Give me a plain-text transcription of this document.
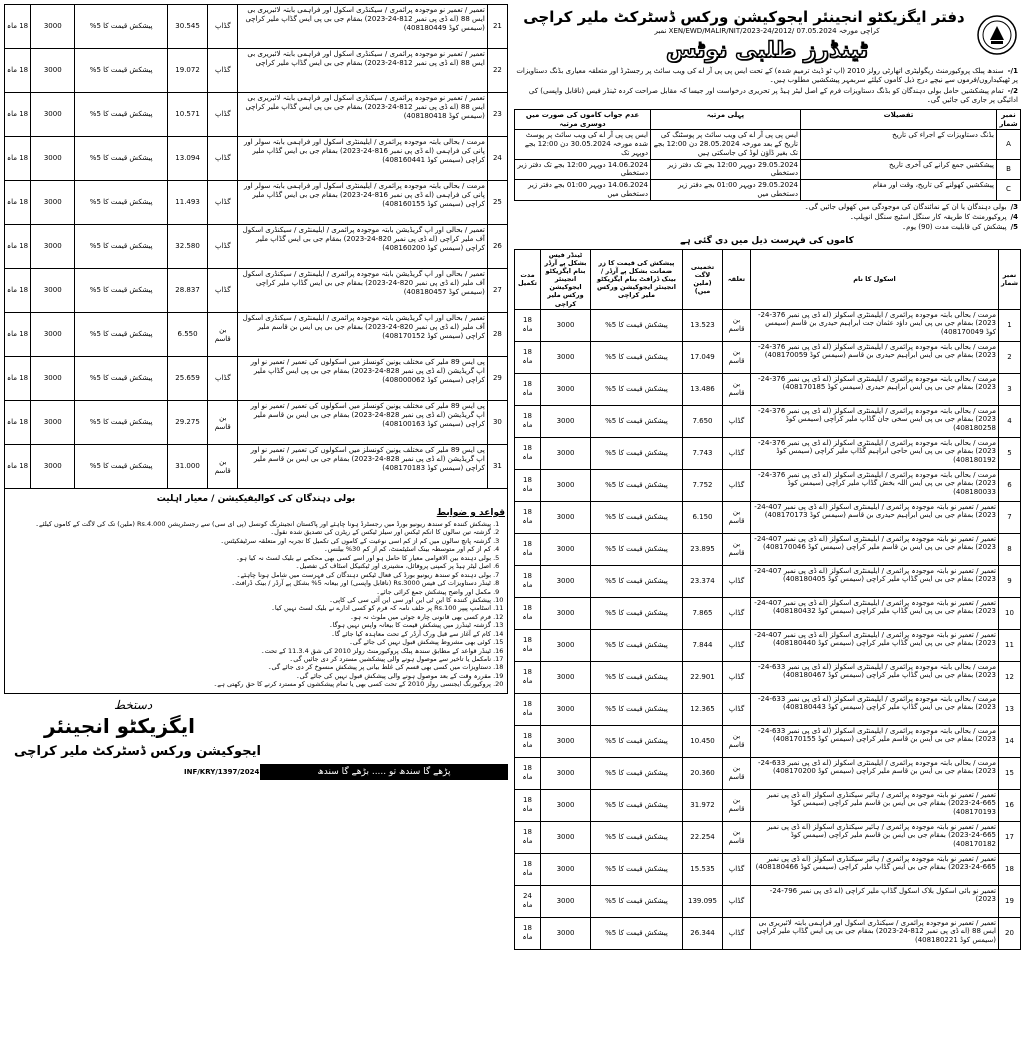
18 ماہ	3000	پیشکش قیمت کا 5%	30.545	گڈاپ	تعمیر / تعمیر نو موجودہ پرائمری / سیکنڈری اسکول اور فراہمی بابتہ لائبریری بی ایس 88 (اے ڈی پی نمبر 812-24-2023) بمقام جی بی پی ایس گڈاپ ملیر کراچی (سیمس کوڈ 408180449)	21
18 ماہ	3000	پیشکش قیمت کا 5%	19.072	گڈاپ	تعمیر / تعمیر نو موجودہ پرائمری / سیکنڈری اسکول اور فراہمی بابتہ لائبریری بی ایس 88 (اے ڈی پی نمبر 812-24-2023) بمقام جی بی ایس گڈاپ ملیر کراچی	22
18 ماہ	3000	پیشکش قیمت کا 5%	10.571	گڈاپ	تعمیر / تعمیر نو موجودہ پرائمری / سیکنڈری اسکول اور فراہمی بابتہ لائبریری بی ایس 88 (اے ڈی پی نمبر 812-24-2023) بمقام جی بی پی ایس گڈاپ ملیر کراچی (سیمس کوڈ 408180418)	23
18 ماہ	3000	پیشکش قیمت کا 5%	13.094	گڈاپ	مرمت / بحالی بابتہ موجودہ پرائمری / ایلیمنٹری اسکول اور فراہمی بابتہ سولر اور پانی کی فراہمی (اے ڈی پی نمبر 816-24-2023) بمقام جی بی ایس گڈاپ ملیر کراچی (سیمس کوڈ 408160441)	24
18 ماہ	3000	پیشکش قیمت کا 5%	11.493	گڈاپ	مرمت / بحالی بابتہ موجودہ پرائمری / ایلیمنٹری اسکول اور فراہمی بابتہ سولر اور پانی کی فراہمی (اے ڈی پی نمبر 816-24-2023) بمقام جی بی ایس گڈاپ ملیر کراچی (سیمس کوڈ 408160155)	25
18 ماہ	3000	پیشکش قیمت کا 5%	32.580	گڈاپ	تعمیر / بحالی اور اپ گریڈیشن بابتہ موجودہ پرائمری / ایلیمنٹری / سیکنڈری اسکول آف ملیر کراچی (اے ڈی پی نمبر 820-24-2023) بمقام جی بی ایس گڈاپ ملیر کراچی (سیمس کوڈ 408160200)	26
18 ماہ	3000	پیشکش قیمت کا 5%	28.837	گڈاپ	تعمیر / بحالی اور اپ گریڈیشن بابتہ موجودہ پرائمری / ایلیمنٹری / سیکنڈری اسکول آف ملیر (اے ڈی پی نمبر 820-24-2023) بمقام جی بی ایس گڈاپ ملیر کراچی (سیمس کوڈ 408180457)	27
18 ماہ	3000	پیشکش قیمت کا 5%	6.550	بن قاسم	تعمیر / بحالی اور اپ گریڈیشن بابتہ موجودہ پرائمری / ایلیمنٹری / سیکنڈری اسکول آف ملیر (اے ڈی پی نمبر 820-24-2023) بمقام جی بی پی ایس بن قاسم ملیر کراچی (سیمس کوڈ 408170152)	28
18 ماہ	3000	پیشکش قیمت کا 5%	25.659	گڈاپ	پی ایس 89 ملیر کی مختلف یونین کونسلز میں اسکولوں کی تعمیر / تعمیر نو اور اپ گریڈیشن (اے ڈی پی نمبر 828-24-2023) بمقام جی بی پی ایس گڈاپ ملیر کراچی (سیمس کوڈ 408000062)	29
18 ماہ	3000	پیشکش قیمت کا 5%	29.275	بن قاسم	پی ایس 89 ملیر کی مختلف یونین کونسلز میں اسکولوں کی تعمیر / تعمیر نو اور اپ گریڈیشن (اے ڈی پی نمبر 828-24-2023) بمقام جی بی ایس بن قاسم ملیر کراچی (سیمس کوڈ 408100163)	30
18 ماہ	3000	پیشکش قیمت کا 5%	31.000	بن قاسم	پی ایس 89 ملیر کی مختلف یونین کونسلز میں اسکولوں کی تعمیر / تعمیر نو اور اپ گریڈیشن (اے ڈی پی نمبر 828-24-2023) بمقام جی بی ایس بن قاسم ملیر کراچی (سیمس کوڈ 408170183)	31
بولی دہندگان کی کوالیفیکیشن / معیار اہلیت
قواعد و ضوابط
1. پیشکش کنندہ کو سندھ ریونیو بورڈ میں رجسٹرڈ ہونا چاہئے اور پاکستان انجینئرنگ کونسل (پی ای سی) سے رجسٹریشن Rs.4.000 (ملین) تک کی لاگت کے کاموں کیلئے۔
2. گزشتہ تین سالوں کا انکم ٹیکس اور سیلز ٹیکس کے ریٹرن کی تصدیق شدہ نقول۔
3. گزشتہ پانچ سالوں میں کم از کم اسی نوعیت کے کاموں کی تکمیل کا تجربہ اور متعلقہ سرٹیفکیٹس۔
4. کم از کم اور متوسطہ بینک اسٹیٹمنٹ، کم از کم 30% بیلنس۔
5. بولی دہندہ بین الاقوامی معیار کا حامل ہو اور اسے کسی بھی محکمے نے بلیک لسٹ نہ کیا ہو۔
6. اصل لیٹر ہیڈ پر کمپنی پروفائل، مشینری اور ٹیکنیکل اسٹاف کی تفصیل۔
7. بولی دہندہ کو سندھ ریونیو بورڈ کی فعال ٹیکس دہندگان کی فہرست میں شامل ہونا چاہئے۔
8. ٹینڈر دستاویزات کی فیس Rs.3000 (ناقابل واپسی) اور بیعانہ 5% بشکل پے آرڈر / بینک ڈرافٹ۔
9. مکمل اور واضح پیشکش جمع کرائی جائے۔
10. پیشکش کنندہ کا این ٹی این اور سی این آئی سی کی کاپی۔
11. اسٹامپ پیپر Rs.100 پر حلف نامہ کہ فرم کو کسی ادارے نے بلیک لسٹ نہیں کیا۔
12. فرم کسی بھی قانونی چارہ جوئی میں ملوث نہ ہو۔
13. گزشتہ ٹینڈرز میں پیشکش قیمت کا بیعانہ واپس نہیں ہوگا۔
14. کام کے آغاز سے قبل ورک آرڈر کے تحت معاہدہ کیا جائے گا۔
15. کوئی بھی مشروط پیشکش قبول نہیں کی جائے گی۔
16. ٹینڈر قواعد کے مطابق سندھ پبلک پروکیورمنٹ رولز 2010 کی شق 11.3.4 کے تحت۔
17. نامکمل یا تاخیر سے موصول ہونے والی پیشکشیں مسترد کر دی جائیں گی۔
18. دستاویزات میں کسی بھی قسم کی غلط بیانی پر پیشکش منسوخ کر دی جائے گی۔
19. مقررہ وقت کے بعد موصول ہونے والی پیشکش قبول نہیں کی جائے گی۔
20. پروکیورنگ ایجنسی رولز 2010 کے تحت کسی بھی یا تمام پیشکشوں کو مسترد کرنے کا حق رکھتی ہے۔
دستخط
ایگزیکٹو انجینئر
ایجوکیشن ورکس ڈسٹرکٹ ملیر کراچی
INF/KRY/1397/2024	پڑھے گا سندھ تو ..... بڑھے گا سندھ
دفتر ایگزیکٹو انجینئر ایجوکیشن ورکس ڈسٹرکٹ ملیر کراچی
نمبر XEN/EWD/MALIR/NIT/2023-24/2012/ کراچی مورخہ 07.05.2024
ٹینڈرز طلبی نوٹس
1/-سندھ پبلک پروکیورمنٹ ریگولیٹری اتھارٹی رولز 2010 (اپ ٹو ڈیٹ ترمیم شدہ) کے تحت ایس پی پی آر اے کی ویب سائٹ پر رجسٹرڈ اور متعلقہ معیاری بڈنگ دستاویزات پر ٹھیکیداروں/فرموں سے نیچے درج ذیل کاموں کیلئے سربمہر پیشکشیں مطلوب ہیں۔
2/-تمام پیشکشیں حامل بولی دہندگان کو بڈنگ دستاویزات فرم کے اصل لیٹر ہیڈ پر تحریری درخواست اور جیسا کہ مقابل صراحت کردہ ٹینڈر فیس (ناقابل واپسی) کی ادائیگی پر جاری کی جائیں گی۔
عدم جواب کاموں کی صورت میں دوسری مرتبہ	پہلی مرتبہ	تفصیلات	نمبر شمار
ایس پی پی آر اے کی ویب سائٹ پر پوسٹ شدہ مورخہ 30.05.2024 دن 12:00 بجے دوپہر تک	ایس پی پی آر اے کی ویب سائٹ پر پوسٹنگ کی تاریخ کے بعد مورخہ 28.05.2024 دن 12:00 بجے تک بغیر ڈاؤن لوڈ کی جاسکتی ہیں	بڈنگ دستاویزات کے اجراء کی تاریخ	A
14.06.2024 دوپہر 12:00 بجے تک دفتر زیر دستخطی	29.05.2024 دوپہر 12:00 بجے تک دفتر زیر دستخطی	پیشکشیں جمع کرانے کی آخری تاریخ	B
14.06.2024 دوپہر 01:00 بجے دفتر زیر دستخطی میں	29.05.2024 دوپہر 01:00 بجے دفتر زیر دستخطی میں	پیشکشیں کھولنے کی تاریخ، وقت اور مقام	C
3/بولی دہندگان یا ان کے نمائندگان کی موجودگی میں کھولی جائیں گی۔
4/پروکیورمنٹ کا طریقہ کار سنگل اسٹیج سنگل انویلپ۔
5/پیشکش کی قابلیت مدت (90) یوم۔
کاموں کی فہرست ذیل میں دی گئی ہے
مدت تکمیل	ٹینڈر فیس بشکل پے آرڈر بنام ایگزیکٹو انجینئر ایجوکیشن ورکس ملیر کراچی	پیشکش کی قیمت کا زر ضمانت بشکل پے آرڈر / بینک ڈرافٹ بنام ایگزیکٹو انجینئر ایجوکیشن ورکس ملیر کراچی	تخمینی لاگت (ملین میں)	تعلقہ	اسکول کا نام	نمبر شمار
18 ماہ	3000	پیشکش قیمت کا 5%	13.523	بن قاسم	مرمت / بحالی بابتہ موجودہ پرائمری / ایلیمنٹری اسکولز (اے ڈی پی نمبر 376-24-2023) بمقام جی بی پی ایس داؤد عثمان جت ابراہیم حیدری بن قاسم (سیمس کوڈ 408170049)	1
18 ماہ	3000	پیشکش قیمت کا 5%	17.049	بن قاسم	مرمت / بحالی بابتہ موجودہ پرائمری / ایلیمنٹری اسکولز (اے ڈی پی نمبر 376-24-2023) بمقام جی بی ایس ابراہیم حیدری بن قاسم (سیمس کوڈ 408170059)	2
18 ماہ	3000	پیشکش قیمت کا 5%	13.486	بن قاسم	مرمت / بحالی بابتہ موجودہ پرائمری / ایلیمنٹری اسکولز (اے ڈی پی نمبر 376-24-2023) بمقام جی بی پی ایس ابراہیم حیدری (سیمس کوڈ 408170185)	3
18 ماہ	3000	پیشکش قیمت کا 5%	7.650	گڈاپ	مرمت / بحالی بابتہ موجودہ پرائمری / ایلیمنٹری اسکولز (اے ڈی پی نمبر 376-24-2023) بمقام جی بی پی ایس سخی جان گڈاپ ملیر کراچی (سیمس کوڈ 408180258)	4
18 ماہ	3000	پیشکش قیمت کا 5%	7.743	گڈاپ	مرمت / بحالی بابتہ موجودہ پرائمری / ایلیمنٹری اسکولز (اے ڈی پی نمبر 376-24-2023) بمقام جی بی پی ایس حاجی ابراہیم گڈاپ ملیر کراچی (سیمس کوڈ 408180192)	5
18 ماہ	3000	پیشکش قیمت کا 5%	7.752	گڈاپ	مرمت / بحالی بابتہ موجودہ پرائمری / ایلیمنٹری اسکولز (اے ڈی پی نمبر 376-24-2023) بمقام جی بی پی ایس اللہ بخش گڈاپ ملیر کراچی (سیمس کوڈ 408180033)	6
18 ماہ	3000	پیشکش قیمت کا 5%	6.150	بن قاسم	تعمیر / تعمیر نو بابتہ موجودہ پرائمری / ایلیمنٹری اسکولز (اے ڈی پی نمبر 407-24-2023) بمقام جی بی ایس ابراہیم حیدری بن قاسم (سیمس کوڈ 408170173)	7
18 ماہ	3000	پیشکش قیمت کا 5%	23.895	بن قاسم	تعمیر / تعمیر نو بابتہ موجودہ پرائمری / ایلیمنٹری اسکولز (اے ڈی پی نمبر 407-24-2023) بمقام جی بی پی ایس بن قاسم ملیر کراچی (سیمس کوڈ 408170046)	8
18 ماہ	3000	پیشکش قیمت کا 5%	23.374	گڈاپ	تعمیر / تعمیر نو بابتہ موجودہ پرائمری / ایلیمنٹری اسکولز (اے ڈی پی نمبر 407-24-2023) بمقام جی بی ایس گڈاپ ملیر کراچی (سیمس کوڈ 408180405)	9
18 ماہ	3000	پیشکش قیمت کا 5%	7.865	گڈاپ	تعمیر / تعمیر نو بابتہ موجودہ پرائمری / ایلیمنٹری اسکولز (اے ڈی پی نمبر 407-24-2023) بمقام جی بی پی ایس گڈاپ ملیر کراچی (سیمس کوڈ 408180432)	10
18 ماہ	3000	پیشکش قیمت کا 5%	7.844	گڈاپ	تعمیر / تعمیر نو بابتہ موجودہ پرائمری / ایلیمنٹری اسکولز (اے ڈی پی نمبر 407-24-2023) بمقام جی بی پی ایس گڈاپ ملیر کراچی (سیمس کوڈ 408180440)	11
18 ماہ	3000	پیشکش قیمت کا 5%	22.901	گڈاپ	مرمت / بحالی بابتہ موجودہ پرائمری / ایلیمنٹری اسکولز (اے ڈی پی نمبر 633-24-2023) بمقام جی بی ایس گڈاپ ملیر کراچی (سیمس کوڈ 408180467)	12
18 ماہ	3000	پیشکش قیمت کا 5%	12.365	گڈاپ	مرمت / بحالی بابتہ موجودہ پرائمری / ایلیمنٹری اسکولز (اے ڈی پی نمبر 633-24-2023) بمقام جی بی ایس گڈاپ ملیر کراچی (سیمس کوڈ 408180443)	13
18 ماہ	3000	پیشکش قیمت کا 5%	10.450	بن قاسم	مرمت / بحالی بابتہ موجودہ پرائمری / ایلیمنٹری اسکولز (اے ڈی پی نمبر 633-24-2023) بمقام جی بی ایس بن قاسم ملیر کراچی (سیمس کوڈ 408170155)	14
18 ماہ	3000	پیشکش قیمت کا 5%	20.360	بن قاسم	مرمت / بحالی بابتہ موجودہ پرائمری / ایلیمنٹری اسکولز (اے ڈی پی نمبر 633-24-2023) بمقام جی بی ایس بن قاسم ملیر کراچی (سیمس کوڈ 408170200)	15
18 ماہ	3000	پیشکش قیمت کا 5%	31.972	بن قاسم	تعمیر / تعمیر نو بابتہ موجودہ پرائمری / ہائیر سیکنڈری اسکولز (اے ڈی پی نمبر 665-24-2023) بمقام جی بی ایس بن قاسم ملیر کراچی (سیمس کوڈ 408170193)	16
18 ماہ	3000	پیشکش قیمت کا 5%	22.254	بن قاسم	تعمیر / تعمیر نو بابتہ موجودہ پرائمری / ہائیر سیکنڈری اسکولز (اے ڈی پی نمبر 665-24-2023) بمقام جی بی ایس بن قاسم ملیر کراچی (سیمس کوڈ 408170182)	17
18 ماہ	3000	پیشکش قیمت کا 5%	15.535	گڈاپ	تعمیر / تعمیر نو بابتہ موجودہ پرائمری / ہائیر سیکنڈری اسکولز (اے ڈی پی نمبر 665-24-2023) بمقام جی بی ایس گڈاپ ملیر کراچی (سیمس کوڈ 408180466)	18
24 ماہ	3000	پیشکش قیمت کا 5%	139.095	گڈاپ	تعمیر نو بائی اسکول بلاک اسکول گڈاپ ملیر کراچی (اے ڈی پی نمبر 796-24-2023)	19
18 ماہ	3000	پیشکش قیمت کا 5%	26.344	گڈاپ	تعمیر / تعمیر نو موجودہ پرائمری / سیکنڈری اسکول اور فراہمی بابتہ لائبریری بی ایس 88 (اے ڈی پی نمبر 812-24-2023) بمقام جی بی پی ایس گڈاپ ملیر کراچی (سیمس کوڈ 408180221)	20
